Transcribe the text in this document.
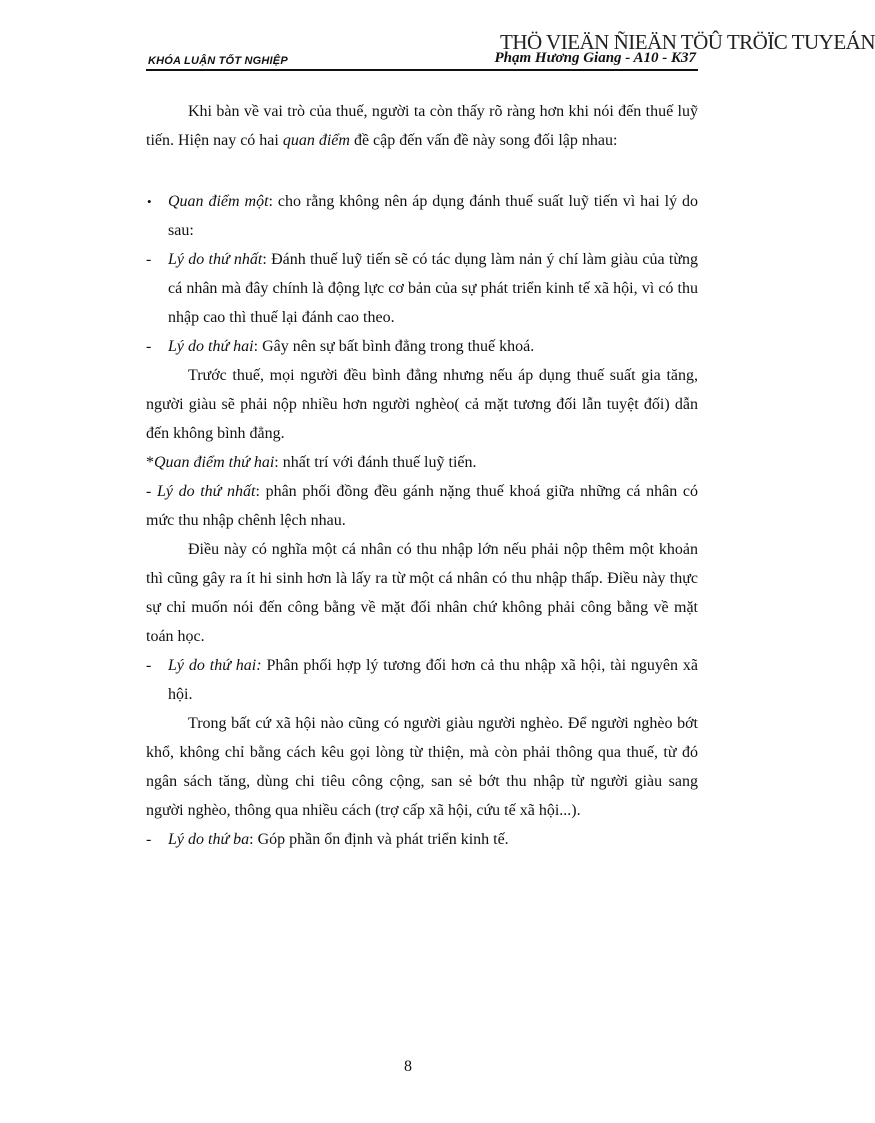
THÖ VIEÄN ÑIEÄN TÖÛ TRÖÏC TUYEÁN
KHÓA LUẬN TỐT NGHIỆP	Phạm Hương Giang - A10 - K37

Khi bàn về vai trò của thuế, người ta còn thấy rõ ràng hơn khi nói đến thuế luỹ tiến. Hiện nay có hai quan điểm đề cập đến vấn đề này song đối lập nhau:

•	Quan điểm một: cho rằng không nên áp dụng đánh thuế suất luỹ tiến vì hai lý do sau:

-	Lý do thứ nhất: Đánh thuế luỹ tiến sẽ có tác dụng làm nản ý chí làm giàu của từng cá nhân mà đây chính là động lực cơ bản của sự phát triển kinh tế xã hội, vì có thu nhập cao thì thuế lại đánh cao theo.

-	Lý do thứ hai: Gây nên sự bất bình đẳng trong thuế khoá.

Trước thuế, mọi người đều bình đẳng nhưng nếu áp dụng thuế suất gia tăng, người giàu sẽ phải nộp nhiều hơn người nghèo( cả mặt tương đối lẫn tuyệt đối) dẫn đến không bình đẳng.

*Quan điểm thứ hai: nhất trí với đánh thuế luỹ tiến.

- Lý do thứ nhất: phân phối đồng đều gánh nặng thuế khoá giữa những cá nhân có mức thu nhập chênh lệch nhau.

Điều này có nghĩa một cá nhân có thu nhập lớn nếu phải nộp thêm một khoản thì cũng gây ra ít hi sinh hơn là lấy ra từ một cá nhân có thu nhập thấp. Điều này thực sự chỉ muốn nói đến công bằng về mặt đối nhân chứ không phải công bằng về mặt toán học.

-	Lý do thứ hai: Phân phối hợp lý tương đối hơn cả thu nhập xã hội, tài nguyên xã hội.

Trong bất cứ xã hội nào cũng có người giàu người nghèo. Để người nghèo bớt khổ, không chỉ bằng cách kêu gọi lòng từ thiện, mà còn phải thông qua thuế, từ đó ngân sách tăng, dùng chi tiêu công cộng, san sẻ bớt thu nhập từ người giàu sang người nghèo, thông qua nhiều cách (trợ cấp xã hội, cứu tế xã hội...).

-	Lý do thứ ba: Góp phần ổn định và phát triển kinh tế.

8
